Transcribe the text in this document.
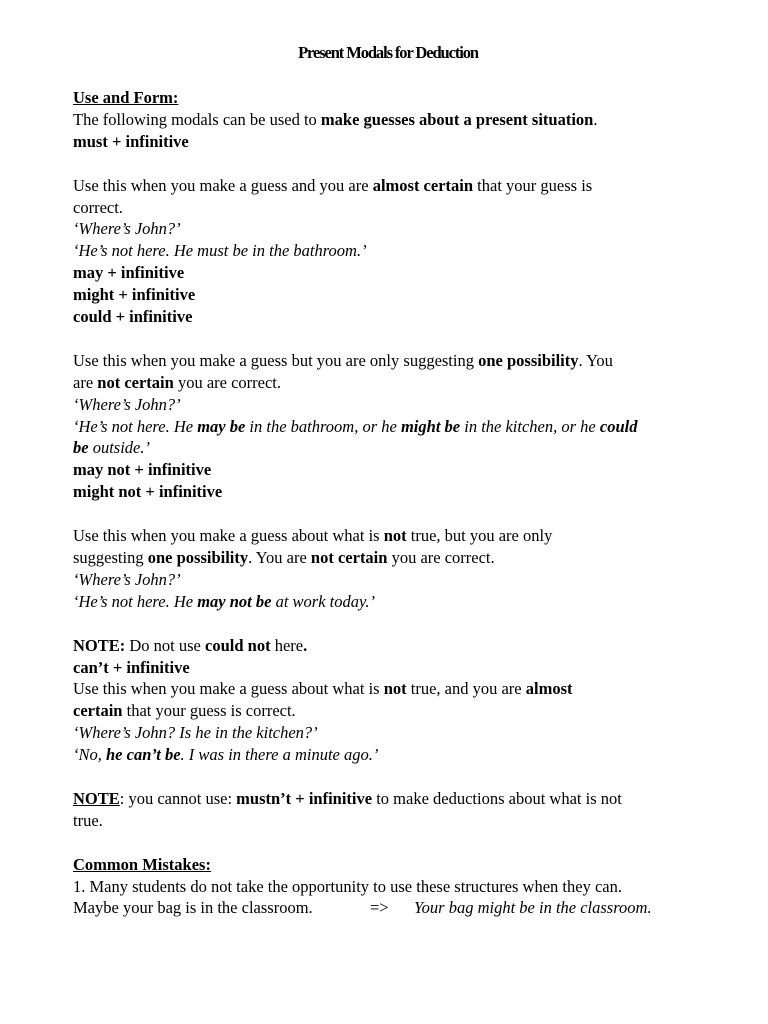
Present Modals for Deduction
Use and Form:
The following modals can be used to make guesses about a present situation.
must + infinitive
Use this when you make a guess and you are almost certain that your guess is
correct.
‘Where’s John?’
‘He’s not here. He must be in the bathroom.’
may + infinitive
might + infinitive
could + infinitive
Use this when you make a guess but you are only suggesting one possibility. You
are not certain you are correct.
‘Where’s John?’
‘He’s not here. He may be in the bathroom, or he might be in the kitchen, or he could
be outside.’
may not + infinitive
might not + infinitive
Use this when you make a guess about what is not true, but you are only
suggesting one possibility. You are not certain you are correct.
‘Where’s John?’
‘He’s not here. He may not be at work today.’
NOTE: Do not use could not here.
can’t + infinitive
Use this when you make a guess about what is not true, and you are almost
certain that your guess is correct.
‘Where’s John? Is he in the kitchen?’
‘No, he can’t be. I was in there a minute ago.’
NOTE: you cannot use: mustn’t + infinitive to make deductions about what is not
true.
Common Mistakes:
1. Many students do not take the opportunity to use these structures when they can.
Maybe your bag is in the classroom.	=> Your bag might be in the classroom.
